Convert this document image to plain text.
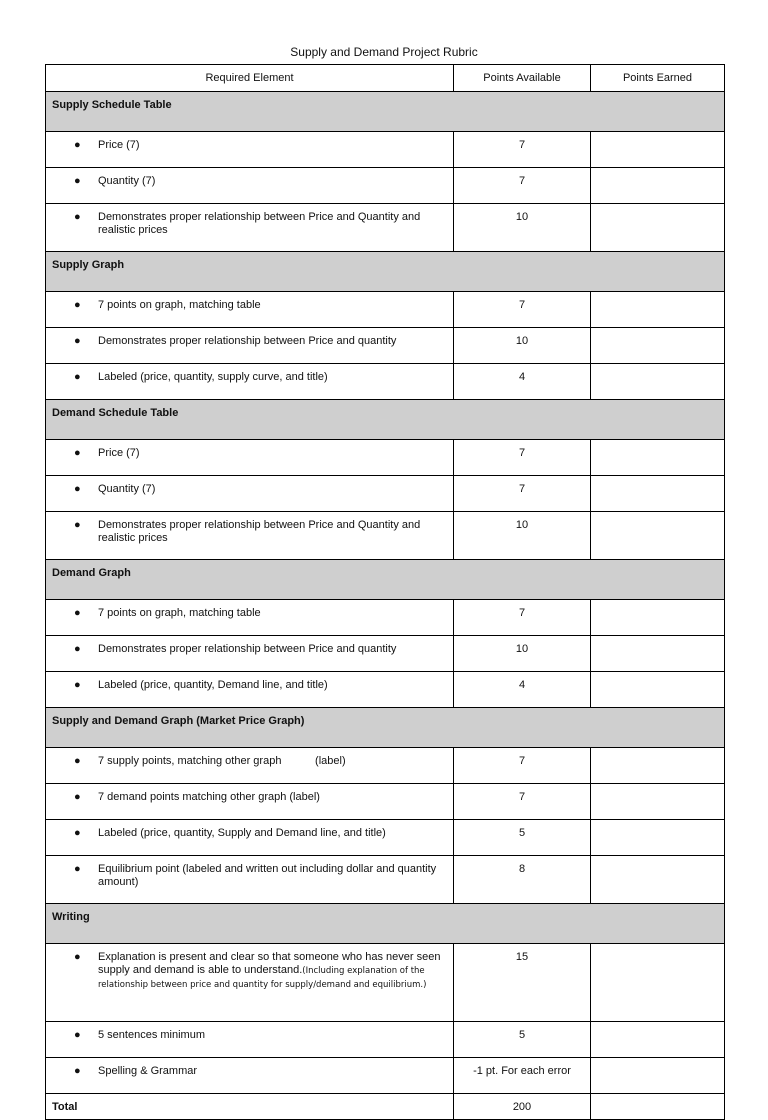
Supply and Demand Project Rubric
Required Element	Points Available	Points Earned
Supply Schedule Table		

● Price (7)	7	

● Quantity (7)	7	

● Demonstrates proper relationship between Price and Quantity and realistic prices	10	
Supply Graph		

● 7 points on graph, matching table	7	

● Demonstrates proper relationship between Price and quantity	10	

● Labeled (price, quantity, supply curve, and title)	4	
Demand Schedule Table		

● Price (7)	7	

● Quantity (7)	7	

● Demonstrates proper relationship between Price and Quantity and realistic prices	10	
Demand Graph		

● 7 points on graph, matching table	7	

● Demonstrates proper relationship between Price and quantity	10	

● Labeled (price, quantity, Demand line, and title)	4	
Supply and Demand Graph (Market Price Graph)		

● 7 supply points, matching other graph           (label)	7	

● 7 demand points matching other graph (label)	7	

● Labeled (price, quantity, Supply and Demand line, and title)	5	

● Equilibrium point (labeled and written out including dollar and quantity amount)	8	
Writing		

● Explanation is present and clear so that someone who has never seen supply and demand is able to understand.(Including explanation of the relationship between price and quantity for supply/demand and equilibrium.)	15	

● 5 sentences minimum	5	

● Spelling & Grammar	-1 pt. For each error	
Total	200	
